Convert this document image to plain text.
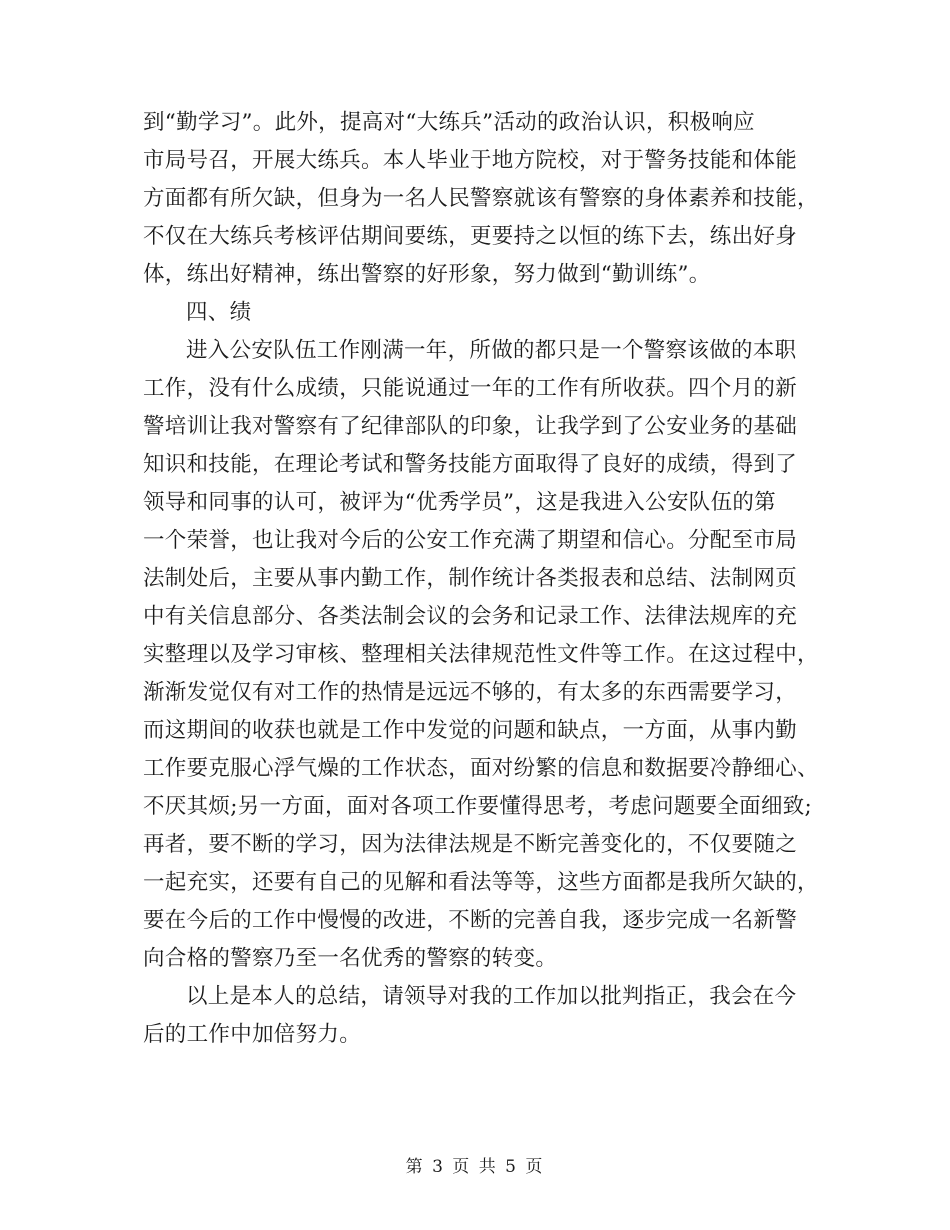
到“勤学习”。此外，提高对“大练兵”活动的政治认识，积极响应
市局号召，开展大练兵。本人毕业于地方院校，对于警务技能和体能
方面都有所欠缺，但身为一名人民警察就该有警察的身体素养和技能，
不仅在大练兵考核评估期间要练，更要持之以恒的练下去，练出好身
体，练出好精神，练出警察的好形象，努力做到“勤训练”。
四、绩
进入公安队伍工作刚满一年，所做的都只是一个警察该做的本职
工作，没有什么成绩，只能说通过一年的工作有所收获。四个月的新
警培训让我对警察有了纪律部队的印象，让我学到了公安业务的基础
知识和技能，在理论考试和警务技能方面取得了良好的成绩，得到了
领导和同事的认可，被评为“优秀学员”，这是我进入公安队伍的第
一个荣誉，也让我对今后的公安工作充满了期望和信心。分配至市局
法制处后，主要从事内勤工作，制作统计各类报表和总结、法制网页
中有关信息部分、各类法制会议的会务和记录工作、法律法规库的充
实整理以及学习审核、整理相关法律规范性文件等工作。在这过程中，
渐渐发觉仅有对工作的热情是远远不够的，有太多的东西需要学习，
而这期间的收获也就是工作中发觉的问题和缺点，一方面，从事内勤
工作要克服心浮气燥的工作状态，面对纷繁的信息和数据要冷静细心、
不厌其烦;另一方面，面对各项工作要懂得思考，考虑问题要全面细致;
再者，要不断的学习，因为法律法规是不断完善变化的，不仅要随之
一起充实，还要有自己的见解和看法等等，这些方面都是我所欠缺的，
要在今后的工作中慢慢的改进，不断的完善自我，逐步完成一名新警
向合格的警察乃至一名优秀的警察的转变。
以上是本人的总结，请领导对我的工作加以批判指正，我会在今
后的工作中加倍努力。
第 3 页 共 5 页
